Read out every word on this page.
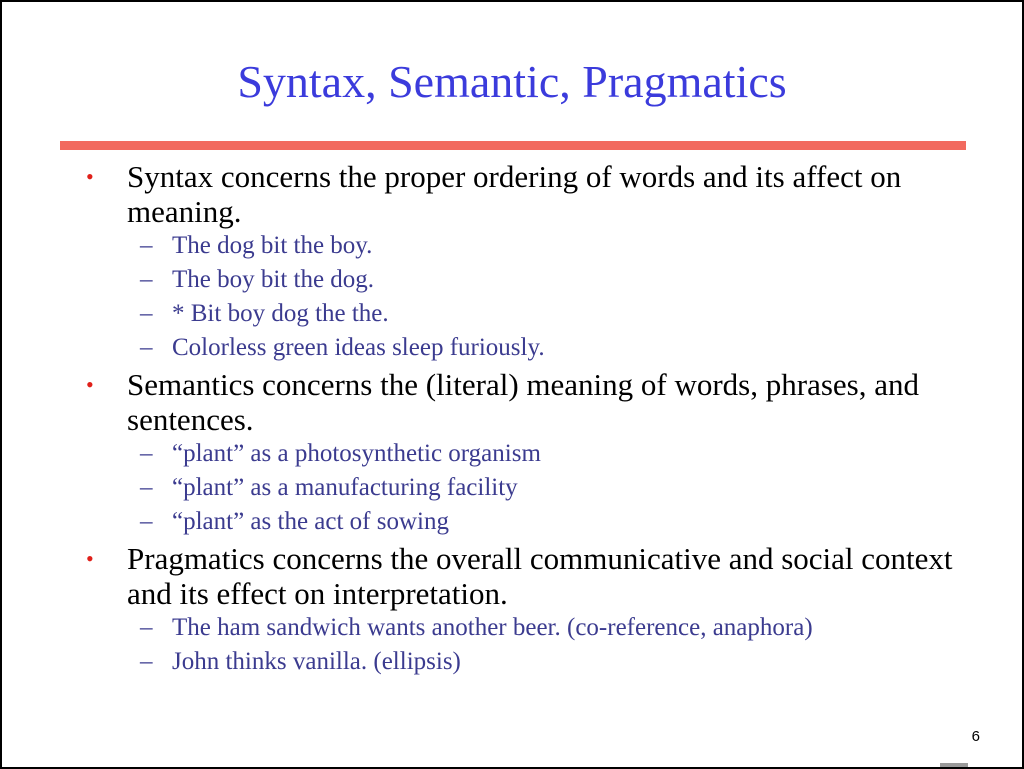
Syntax, Semantic, Pragmatics
• Syntax concerns the proper ordering of words and its affect on meaning.
– The dog bit the boy.
– The boy bit the dog.
– * Bit boy dog the the.
– Colorless green ideas sleep furiously.
• Semantics concerns the (literal) meaning of words, phrases, and sentences.
– “plant” as a photosynthetic organism
– “plant” as a manufacturing facility
– “plant” as the act of sowing
• Pragmatics concerns the overall communicative and social context and its effect on interpretation.
– The ham sandwich wants another beer. (co-reference, anaphora)
– John thinks vanilla. (ellipsis)
6
